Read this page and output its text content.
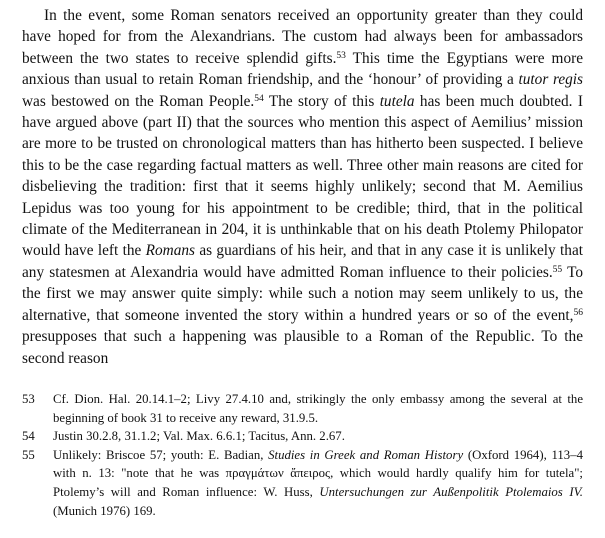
In the event, some Roman senators received an opportunity greater than they could have hoped for from the Alexandrians. The custom had always been for ambassadors between the two states to receive splendid gifts.$^{53}$ This time the Egyptians were more anxious than usual to retain Roman friendship, and the ‘honour’ of providing a tutor regis was bestowed on the Roman People.$^{54}$ The story of this tutela has been much doubted. I have argued above (part II) that the sources who mention this aspect of Aemilius’ mission are more to be trusted on chronological matters than has hitherto been suspected. I believe this to be the case regarding factual matters as well. Three other main reasons are cited for disbelieving the tradition: first that it seems highly unlikely; second that M. Aemilius Lepidus was too young for his appointment to be credible; third, that in the political climate of the Mediterranean in 204, it is unthinkable that on his death Ptolemy Philopator would have left the Romans as guardians of his heir, and that in any case it is unlikely that any statesmen at Alexandria would have admitted Roman influence to their policies.$^{55}$ To the first we may answer quite simply: while such a notion may seem unlikely to us, the alternative, that someone invented the story within a hundred years or so of the event,$^{56}$ presupposes that such a happening was plausible to a Roman of the Republic. To the second reason

53 Cf. Dion. Hal. 20.14.1–2; Livy 27.4.10 and, strikingly the only embassy among the several at the beginning of book 31 to receive any reward, 31.9.5.

54 Justin 30.2.8, 31.1.2; Val. Max. 6.6.1; Tacitus, Ann. 2.67.

55 Unlikely: Briscoe 57; youth: E. Badian, Studies in Greek and Roman History (Oxford 1964), 113–4 with n. 13: "note that he was πραγμάτων ἄπειρος, which would hardly qualify him for tutela"; Ptolemy’s will and Roman influence: W. Huss, Untersuchungen zur Außenpolitik Ptolemaios IV. (Munich 1976) 169.
